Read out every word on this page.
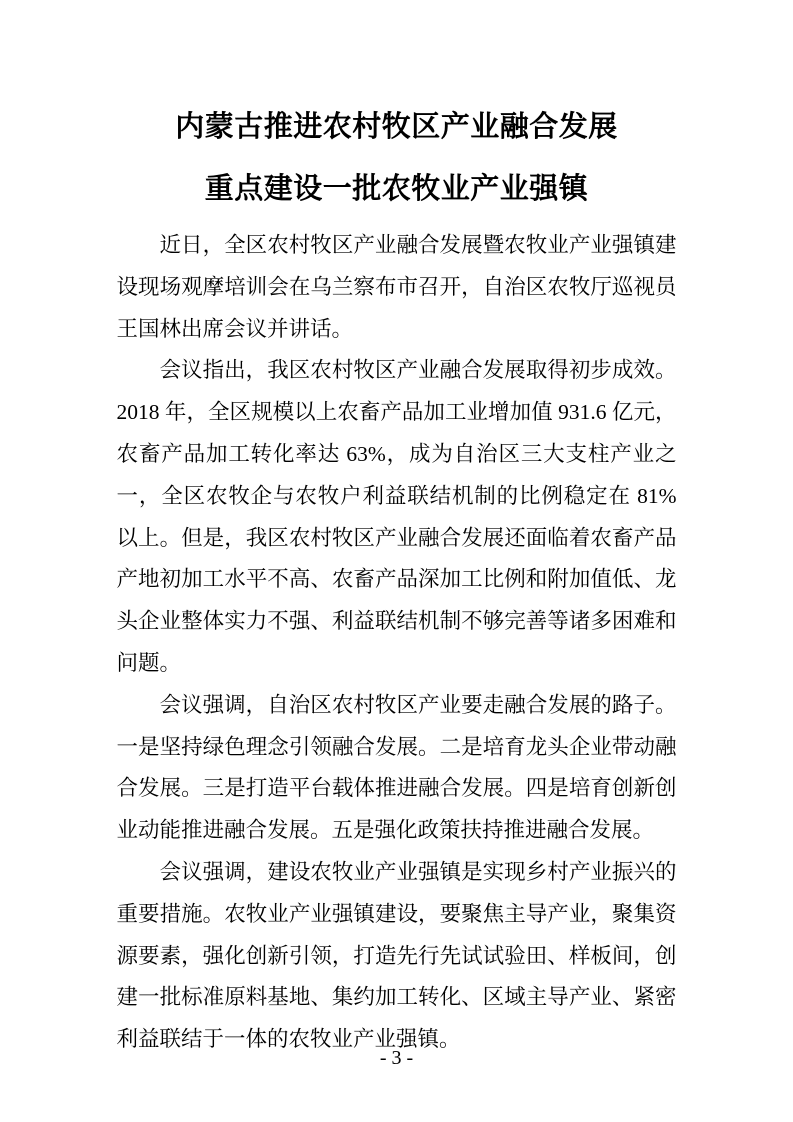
内蒙古推进农村牧区产业融合发展
重点建设一批农牧业产业强镇

近日，全区农村牧区产业融合发展暨农牧业产业强镇建设现场观摩培训会在乌兰察布市召开，自治区农牧厅巡视员王国林出席会议并讲话。

会议指出，我区农村牧区产业融合发展取得初步成效。2018 年，全区规模以上农畜产品加工业增加值 931.6 亿元，农畜产品加工转化率达 63%，成为自治区三大支柱产业之一，全区农牧企与农牧户利益联结机制的比例稳定在 81%以上。但是，我区农村牧区产业融合发展还面临着农畜产品产地初加工水平不高、农畜产品深加工比例和附加值低、龙头企业整体实力不强、利益联结机制不够完善等诸多困难和问题。

会议强调，自治区农村牧区产业要走融合发展的路子。一是坚持绿色理念引领融合发展。二是培育龙头企业带动融合发展。三是打造平台载体推进融合发展。四是培育创新创业动能推进融合发展。五是强化政策扶持推进融合发展。

会议强调，建设农牧业产业强镇是实现乡村产业振兴的重要措施。农牧业产业强镇建设，要聚焦主导产业，聚集资源要素，强化创新引领，打造先行先试试验田、样板间，创建一批标准原料基地、集约加工转化、区域主导产业、紧密利益联结于一体的农牧业产业强镇。

- 3 -
